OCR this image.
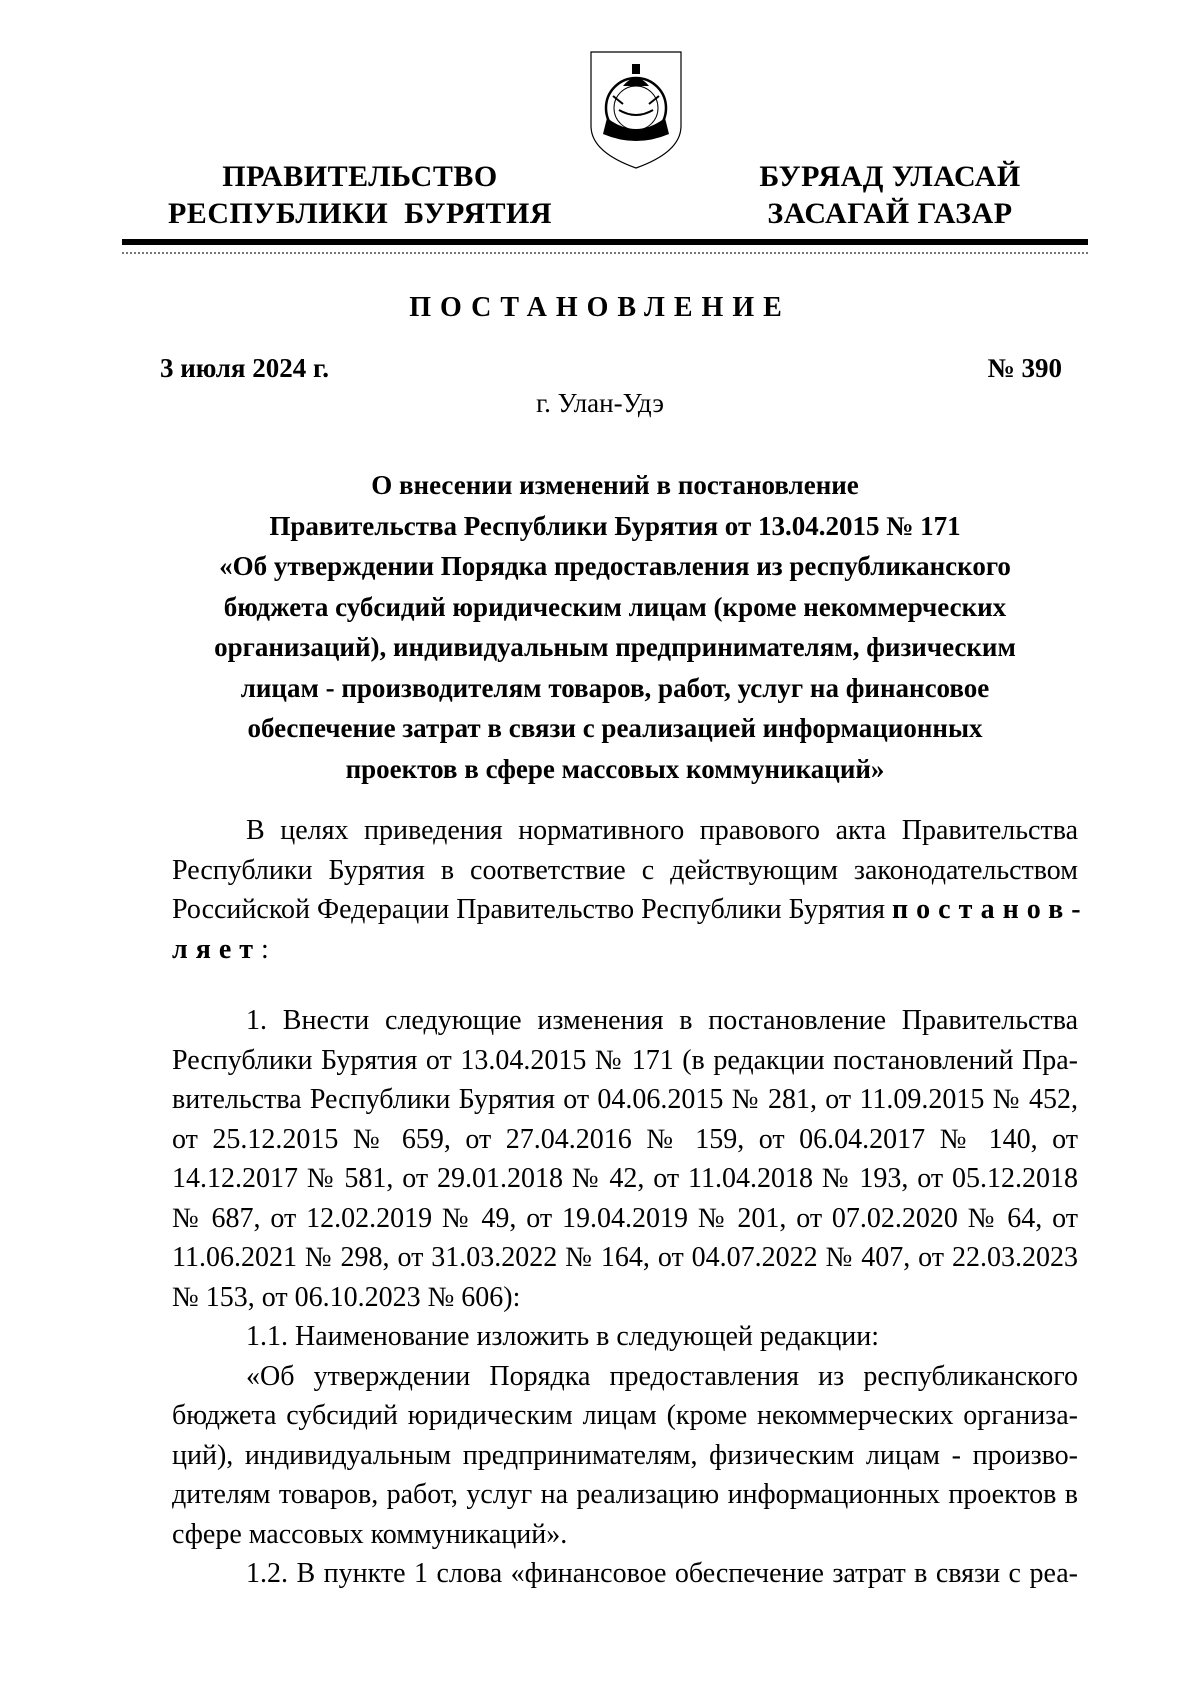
ПРАВИТЕЛЬСТВО
РЕСПУБЛИКИ  БУРЯТИЯ
БУРЯАД УЛАСАЙ
ЗАСАГАЙ ГАЗАР
ПОСТАНОВЛЕНИЕ
3 июля 2024 г.	№ 390
г. Улан-Удэ
О внесении изменений в постановление
Правительства Республики Бурятия от 13.04.2015 № 171
«Об утверждении Порядка предоставления из республиканского
бюджета субсидий юридическим лицам (кроме некоммерческих
организаций), индивидуальным предпринимателям, физическим
лицам - производителям товаров, работ, услуг на финансовое
обеспечение затрат в связи с реализацией информационных
проектов в сфере массовых коммуникаций»
В целях приведения нормативного правового акта Правительства
Республики Бурятия в соответствие с действующим законодательством
Российской Федерации Правительство Республики Бурятия постанов-
ляет:
1. Внести следующие изменения в постановление Правительства
Республики Бурятия от 13.04.2015 № 171 (в редакции постановлений Пра-
вительства Республики Бурятия от 04.06.2015 № 281, от 11.09.2015 № 452,
от 25.12.2015 № 659, от 27.04.2016 № 159, от 06.04.2017 № 140, от
14.12.2017 № 581, от 29.01.2018 № 42, от 11.04.2018 № 193, от 05.12.2018
№ 687, от 12.02.2019 № 49, от 19.04.2019 № 201, от 07.02.2020 № 64, от
11.06.2021 № 298, от 31.03.2022 № 164, от 04.07.2022 № 407, от 22.03.2023
№ 153, от 06.10.2023 № 606):
1.1. Наименование изложить в следующей редакции:
«Об утверждении Порядка предоставления из республиканского
бюджета субсидий юридическим лицам (кроме некоммерческих организа-
ций), индивидуальным предпринимателям, физическим лицам - произво-
дителям товаров, работ, услуг на реализацию информационных проектов в
сфере массовых коммуникаций».
1.2. В пункте 1 слова «финансовое обеспечение затрат в связи с реа-
